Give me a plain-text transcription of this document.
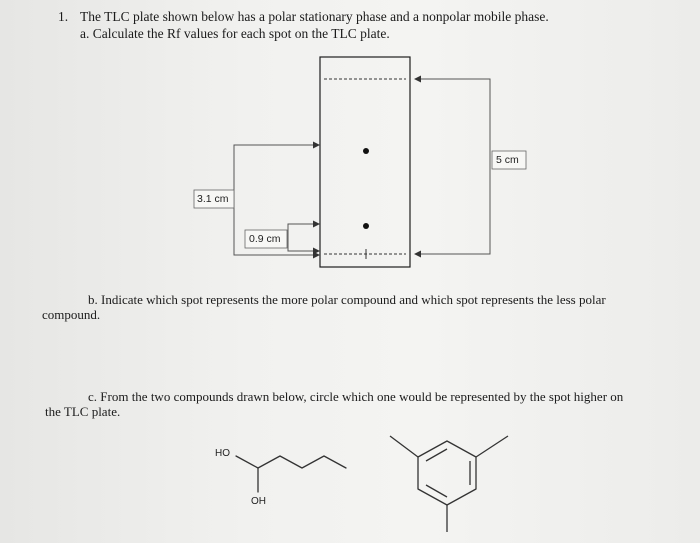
1. The TLC plate shown below has a polar stationary phase and a nonpolar mobile phase.
a. Calculate the Rf values for each spot on the TLC plate.
5 cm
3.1 cm
0.9 cm
b. Indicate which spot represents the more polar compound and which spot represents the less polar
compound.
c. From the two compounds drawn below, circle which one would be represented by the spot higher on
the TLC plate.
HO
OH
